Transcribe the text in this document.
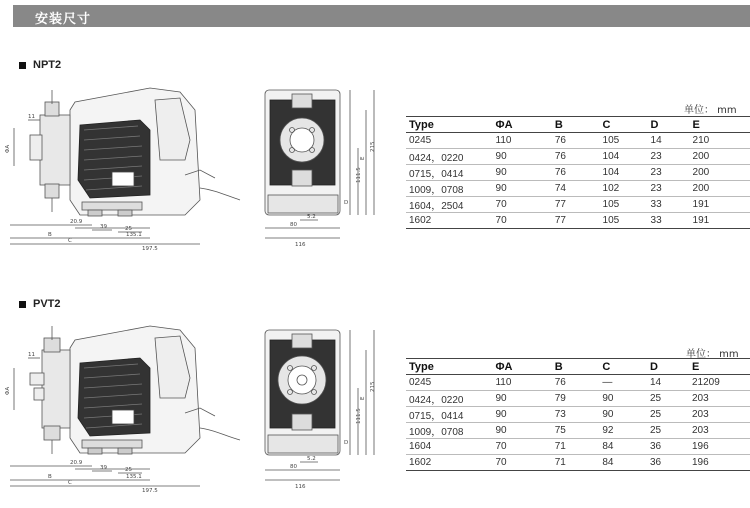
安装尺寸
NPT2
11
ΦA
20.9
39	25
135.1
B
C
197.5
111.5
E
215
D
80
5.2
116
单位： mm
Type	ΦA	B	C	D	E
0245	110	76	105	14	210
0424，0220	90	76	104	23	200
0715，0414	90	76	104	23	200
1009，0708	90	74	102	23	200
1604，2504	70	77	105	33	191
1602	70	77	105	33	191
PVT2
11
ΦA
20.9
39	25
135.1
B
C
197.5
111.5
E
215
D
80
5.2
116
单位： mm
Type	ΦA	B	C	D	E
0245	110	76	—	14	21209
0424，0220	90	79	90	25	203
0715，0414	90	73	90	25	203
1009，0708	90	75	92	25	203
1604	70	71	84	36	196
1602	70	71	84	36	196
